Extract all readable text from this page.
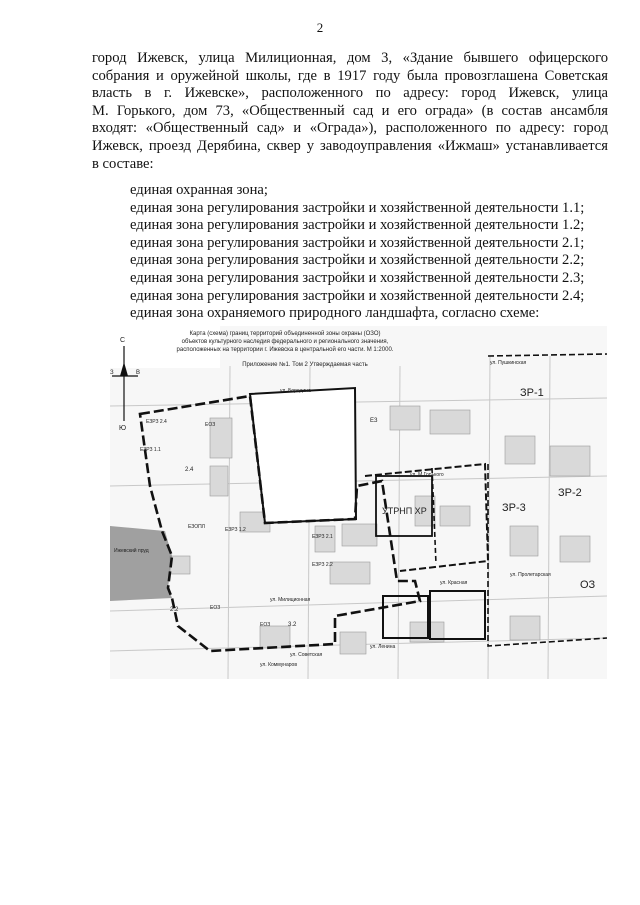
2
город Ижевск, улица Милиционная, дом 3, «Здание бывшего офицерского
собрания и оружейной школы, где в 1917 году была провозглашена Советская
власть в г. Ижевске», расположенного по адресу: город Ижевск, улица
М. Горького, дом 73, «Общественный сад и его ограда» (в состав ансамбля
входят: «Общественный сад» и «Ограда»), расположенного по адресу: город
Ижевск, проезд Дерябина, сквер у заводоуправления «Ижмаш» устанавливается
в составе:
единая охранная зона;
единая зона регулирования застройки и хозяйственной деятельности 1.1;
единая зона регулирования застройки и хозяйственной деятельности 1.2;
единая зона регулирования застройки и хозяйственной деятельности 2.1;
единая зона регулирования застройки и хозяйственной деятельности 2.2;
единая зона регулирования застройки и хозяйственной деятельности 2.3;
единая зона регулирования застройки и хозяйственной деятельности 2.4;
единая зона охраняемого природного ландшафта, согласно схеме:
С
Ю
З	В
Карта (схема) границ территорий объединенной зоны охраны (ОЗО)
объектов культурного наследия федерального и регионального значения,
расположенных на территории г. Ижевска в центральной его части. М 1:2000.
Приложение №1. Том 2 Утверждаемая часть
ЗР-1
ЗР-2
ЗР-3
ОЗ
УТРНП ХР
ЕЗРЗ 2.4
ЕЗРЗ 1.1
ЕЗРЗ 1.2
ЕЗРЗ 2.1
ЕЗРЗ 2.2
ЕЗОПЛ
ЕОЗ
ЕОЗ
ЕОЗ
2.2
3.2
2.4
ЕЗ
Ижевский пруд
ул. Бородина
ул. Пушкинская
ул. М.Горького
ул. Ленина
ул. Советская
ул. Коммунаров
ул. Красная
ул. Пролетарская
ул. Милиционная
